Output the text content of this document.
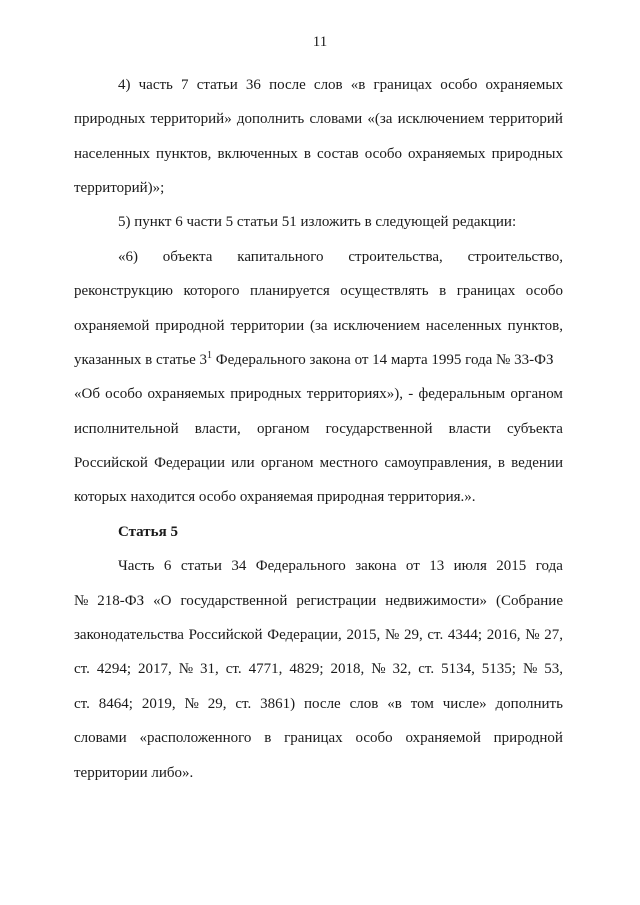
11
4) часть 7 статьи 36 после слов «в границах особо охраняемых
природных территорий» дополнить словами «(за исключением территорий
населенных пунктов, включенных в состав особо охраняемых природных
территорий)»;
5) пункт 6 части 5 статьи 51 изложить в следующей редакции:
«6) объекта капитального строительства, строительство,
реконструкцию которого планируется осуществлять в границах особо
охраняемой природной территории (за исключением населенных пунктов,
указанных в статье $3^1$ Федерального закона от 14 марта 1995 года № 33-ФЗ
«Об особо охраняемых природных территориях»), - федеральным органом
исполнительной власти, органом государственной власти субъекта
Российской Федерации или органом местного самоуправления, в ведении
которых находится особо охраняемая природная территория.».
Статья 5
Часть 6 статьи 34 Федерального закона от 13 июля 2015 года
№ 218-ФЗ «О государственной регистрации недвижимости» (Собрание
законодательства Российской Федерации, 2015, № 29, ст. 4344; 2016, № 27,
ст. 4294; 2017, № 31, ст. 4771, 4829; 2018, № 32, ст. 5134, 5135; № 53,
ст. 8464; 2019, № 29, ст. 3861) после слов «в том числе» дополнить
словами «расположенного в границах особо охраняемой природной
территории либо».
